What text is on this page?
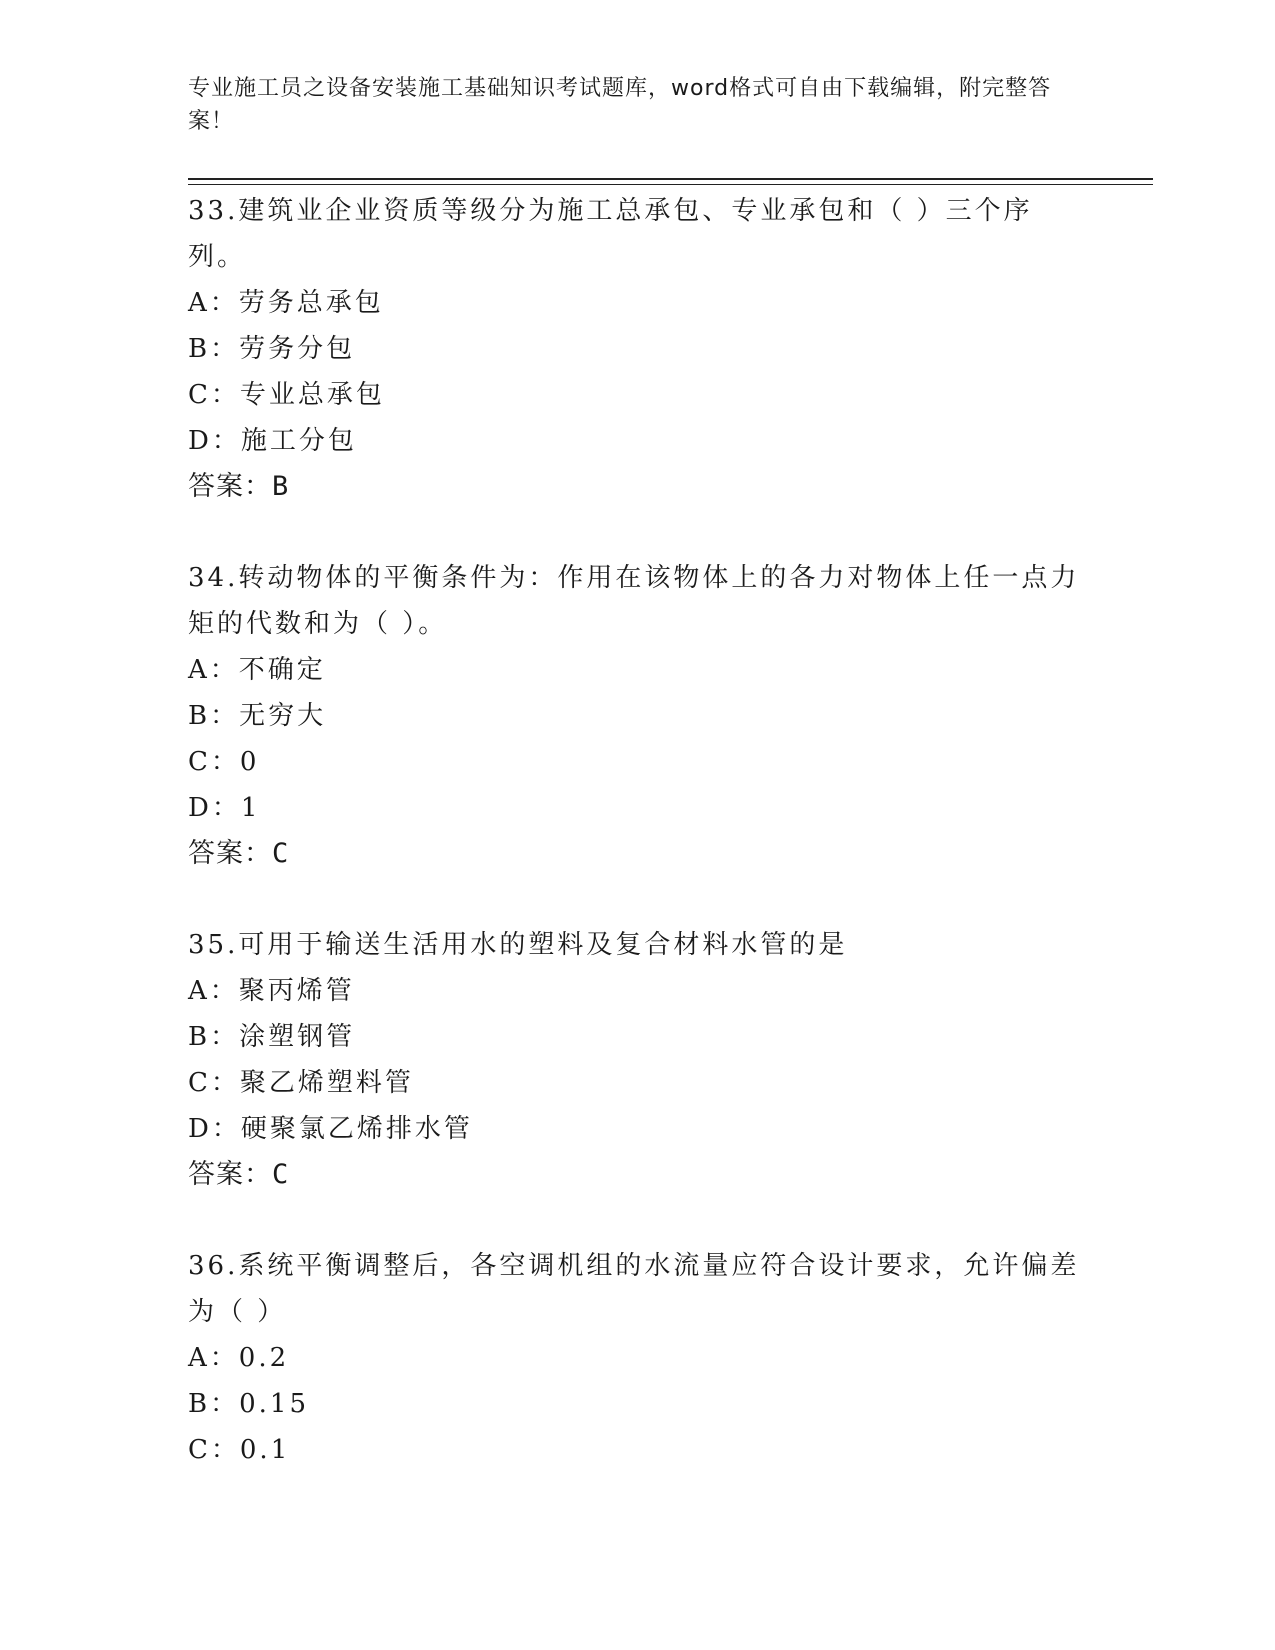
专业施工员之设备安装施工基础知识考试题库，word格式可自由下载编辑，附完整答案！
33.建筑业企业资质等级分为施工总承包、专业承包和（ ）三个序列。
A：劳务总承包
B：劳务分包
C：专业总承包
D：施工分包
答案：B
34.转动物体的平衡条件为：作用在该物体上的各力对物体上任一点力矩的代数和为（ ）。
A：不确定
B：无穷大
C：0
D：1
答案：C
35.可用于输送生活用水的塑料及复合材料水管的是
A：聚丙烯管
B：涂塑钢管
C：聚乙烯塑料管
D：硬聚氯乙烯排水管
答案：C
36.系统平衡调整后，各空调机组的水流量应符合设计要求，允许偏差为（ ）
A：0.2
B：0.15
C：0.1
